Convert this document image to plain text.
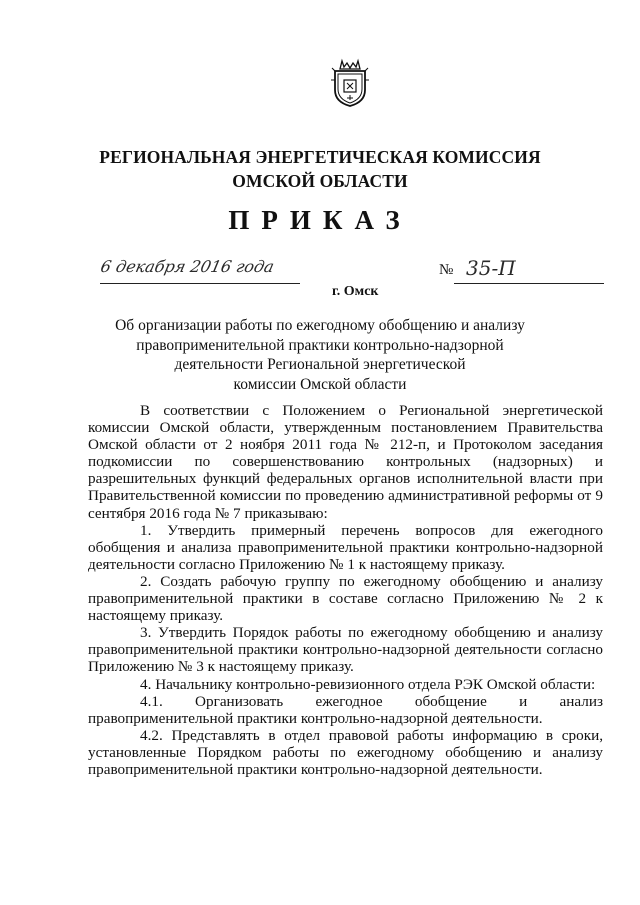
РЕГИОНАЛЬНАЯ ЭНЕРГЕТИЧЕСКАЯ КОМИССИЯ
ОМСКОЙ ОБЛАСТИ
ПРИКАЗ
6 декабря 2016 года	№ 35-П
г. Омск
Об организации работы по ежегодному обобщению и анализу
правоприменительной практики контрольно-надзорной
деятельности Региональной энергетической
комиссии Омской области

В соответствии с Положением о Региональной энергетической комиссии Омской области, утвержденным постановлением Правительства Омской области от 2 ноября 2011 года № 212-п, и Протоколом заседания подкомиссии по совершенствованию контрольных (надзорных) и разрешительных функций федеральных органов исполнительной власти при Правительственной комиссии по проведению административной реформы от 9 сентября 2016 года № 7 приказываю:

1. Утвердить примерный перечень вопросов для ежегодного обобщения и анализа правоприменительной практики контрольно-надзорной деятельности согласно Приложению № 1 к настоящему приказу.

2. Создать рабочую группу по ежегодному обобщению и анализу правоприменительной практики в составе согласно Приложению № 2 к настоящему приказу.

3. Утвердить Порядок работы по ежегодному обобщению и анализу правоприменительной практики контрольно-надзорной деятельности согласно Приложению № 3 к настоящему приказу.

4. Начальнику контрольно-ревизионного отдела РЭК Омской области:

4.1. Организовать ежегодное обобщение и анализ правоприменительной практики контрольно-надзорной деятельности.

4.2. Представлять в отдел правовой работы информацию в сроки, установленные Порядком работы по ежегодному обобщению и анализу правоприменительной практики контрольно-надзорной деятельности.
